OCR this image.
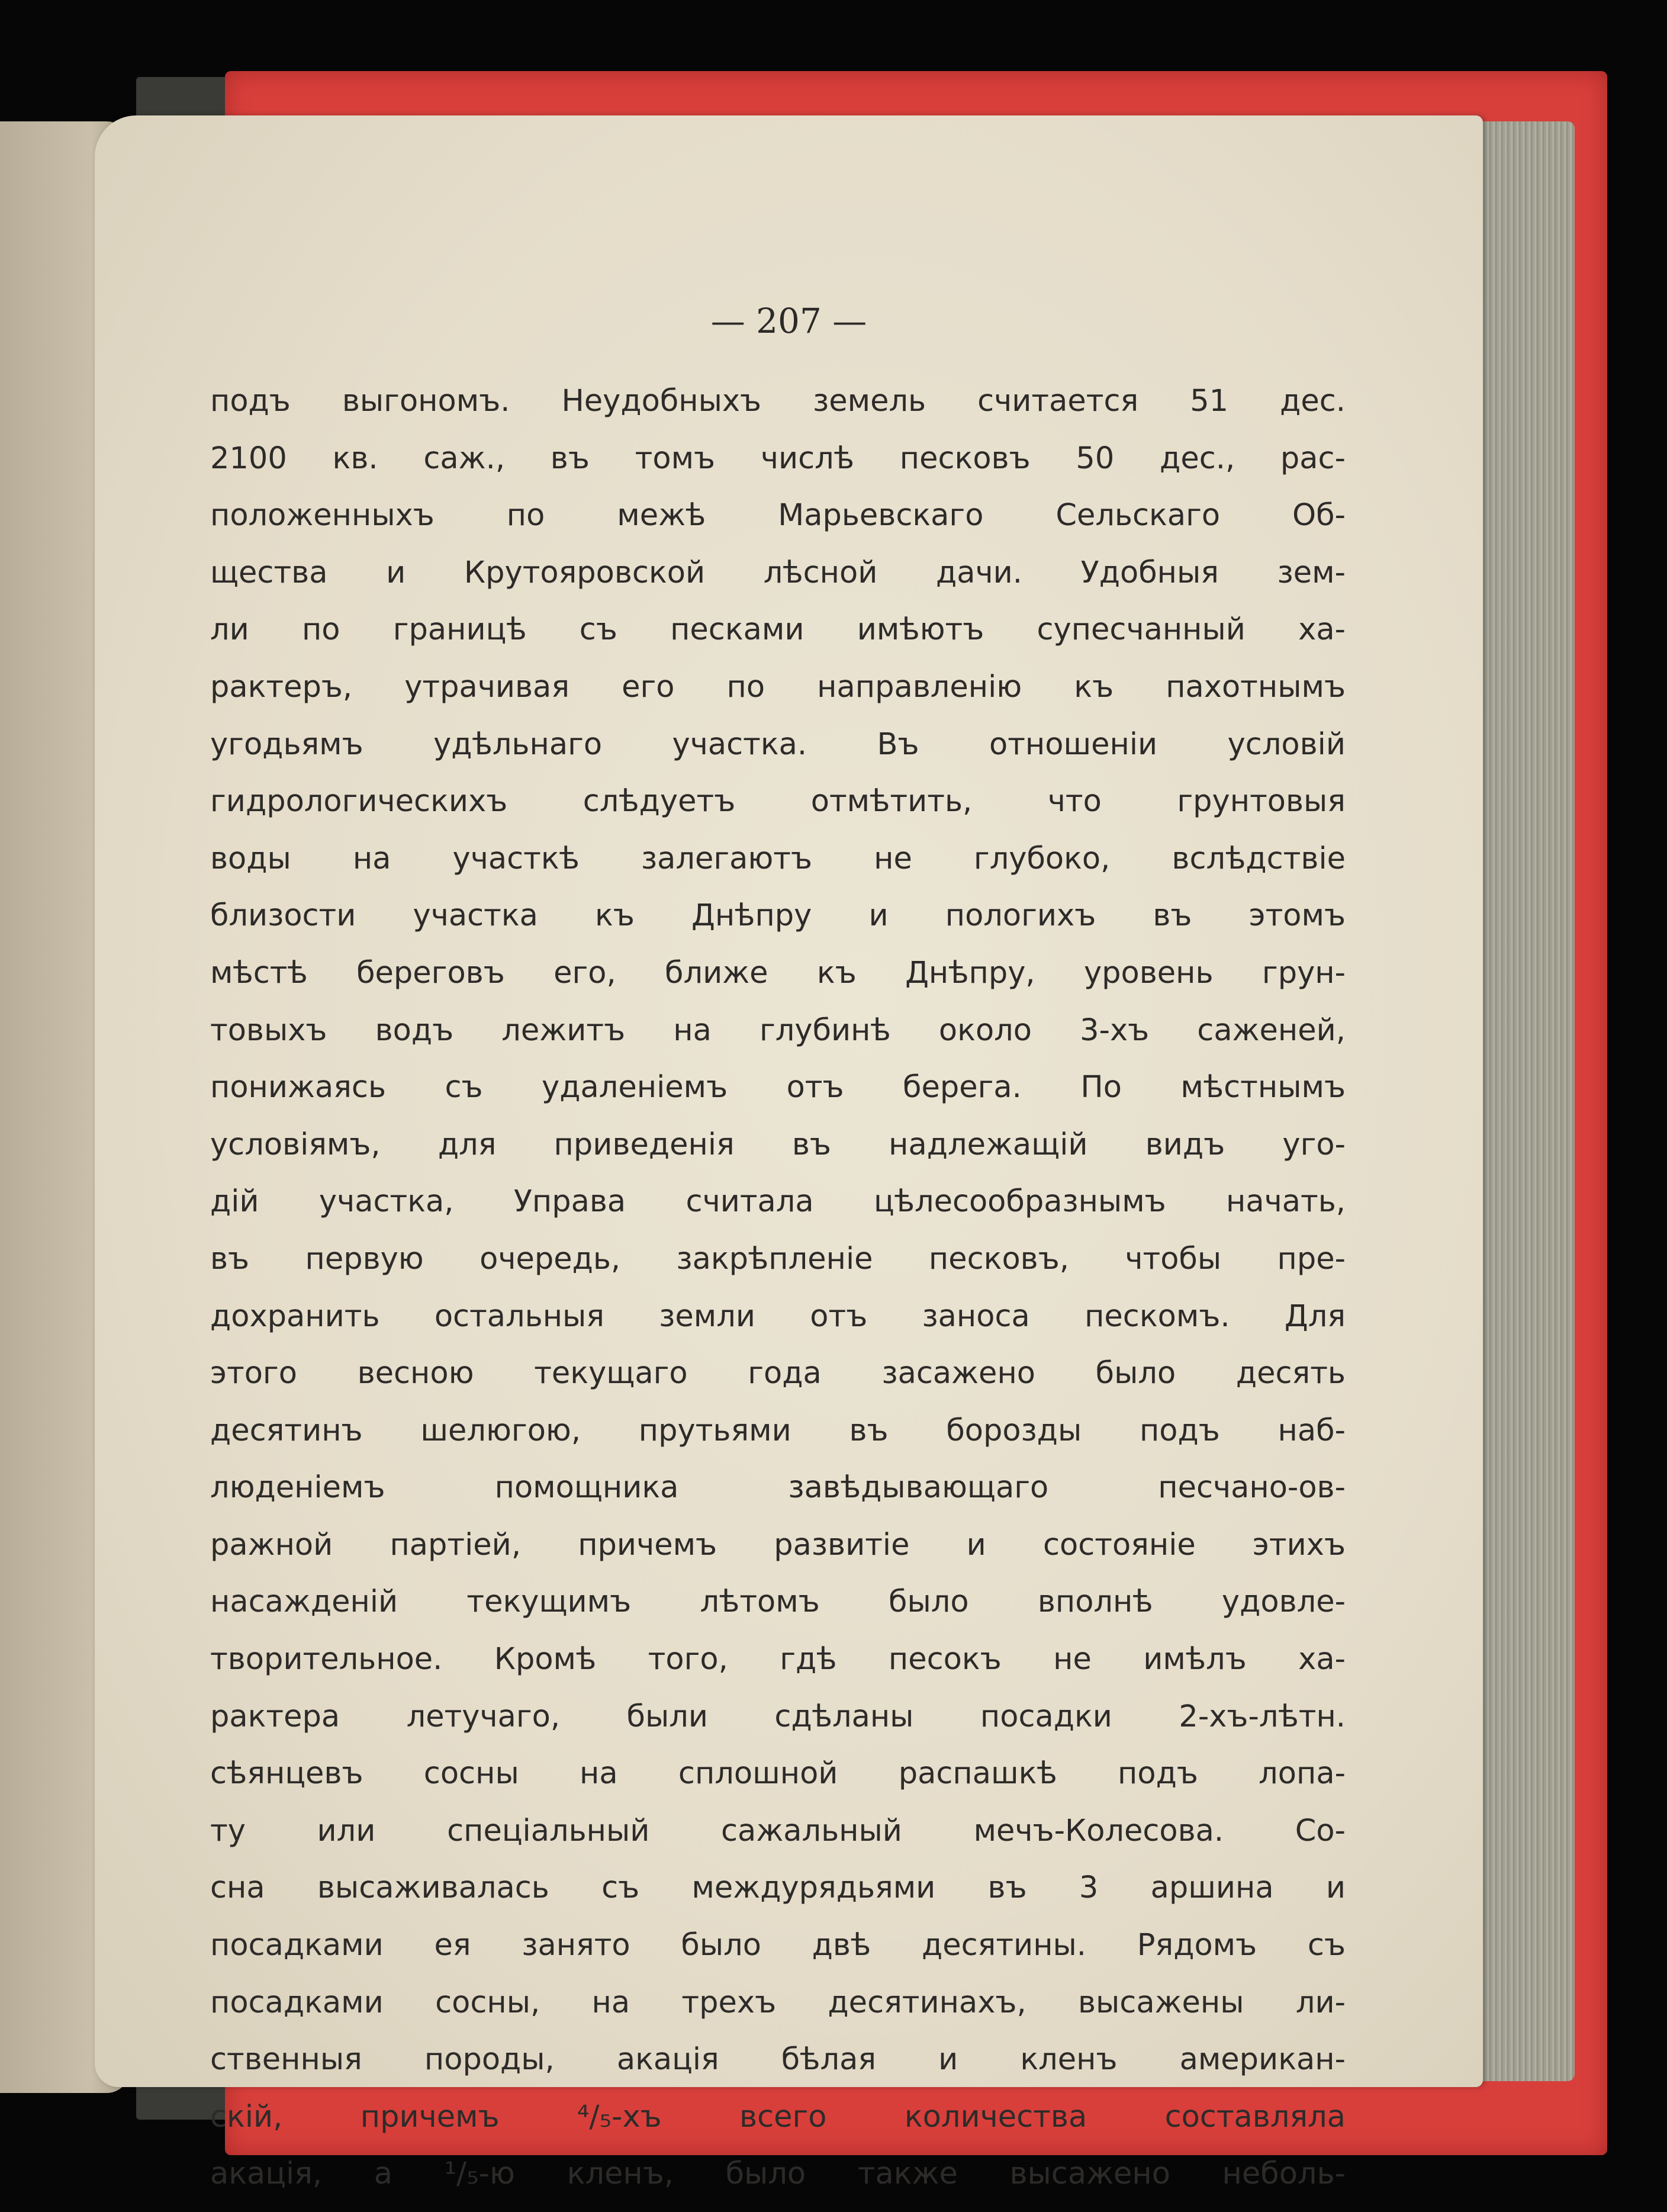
— 207 —

подъ выгономъ. Неудобныхъ земель считается 51 дес.
2100 кв. саж., въ томъ числѣ песковъ 50 дес., рас-
положенныхъ по межѣ Марьевскаго Сельскаго Об-
щества и Крутояровской лѣсной дачи. Удобныя зем-
ли по границѣ съ песками имѣютъ супесчанный ха-
рактеръ, утрачивая его по направленію къ пахотнымъ
угодьямъ удѣльнаго участка. Въ отношеніи условій
гидрологическихъ слѣдуетъ отмѣтить, что грунтовыя
воды на участкѣ залегаютъ не глубоко, вслѣдствіе
близости участка къ Днѣпру и пологихъ въ этомъ
мѣстѣ береговъ его, ближе къ Днѣпру, уровень грун-
товыхъ водъ лежитъ на глубинѣ около 3-хъ саженей,
понижаясь съ удаленіемъ отъ берега. По мѣстнымъ
условіямъ, для приведенія въ надлежащій видъ уго-
дій участка, Управа считала цѣлесообразнымъ начать,
въ первую очередь, закрѣпленіе песковъ, чтобы пре-
дохранить остальныя земли отъ заноса пескомъ. Для
этого весною текущаго года засажено было десять
десятинъ шелюгою, прутьями въ борозды подъ наб-
люденіемъ помощника завѣдывающаго песчано-ов-
ражной партіей, причемъ развитіе и состояніе этихъ
насажденій текущимъ лѣтомъ было вполнѣ удовле-
творительное. Кромѣ того, гдѣ песокъ не имѣлъ ха-
рактера летучаго, были сдѣланы посадки 2-хъ-лѣтн.
сѣянцевъ сосны на сплошной распашкѣ подъ лопа-
ту или спеціальный сажальный мечъ-Колесова. Со-
сна высаживалась съ междурядьями въ 3 аршина и
посадками ея занято было двѣ десятины. Рядомъ съ
посадками сосны, на трехъ десятинахъ, высажены ли-
ственныя породы, акація бѣлая и кленъ американ-
скій, причемъ ⁴/₅-хъ всего количества составляла
акація, а ¹/₅-ю кленъ, было также высажено неболь-
